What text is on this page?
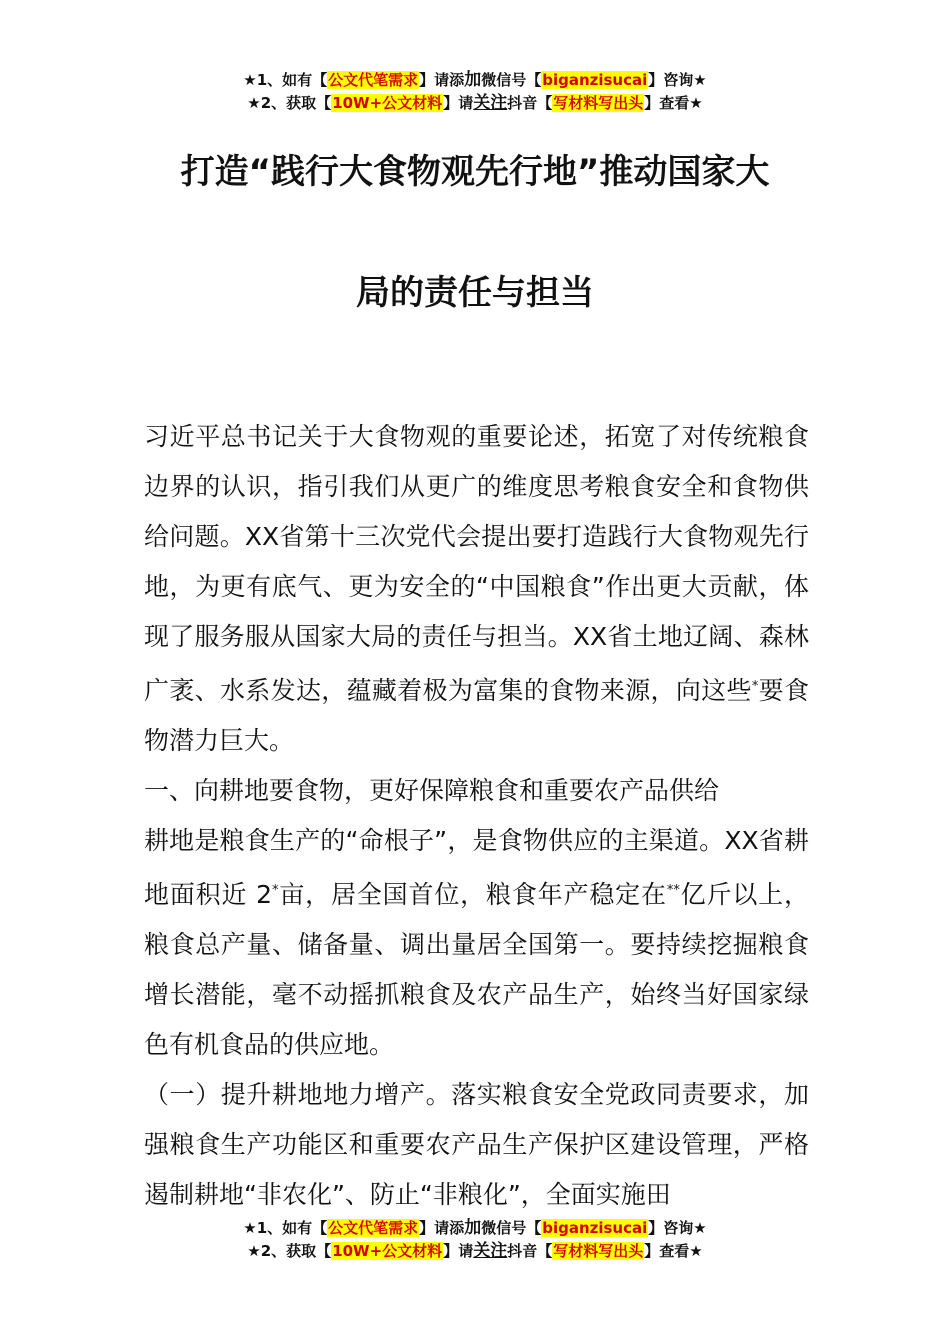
★1、如有【公文代笔需求】请添加微信号【biganzisucai】咨询★
★2、获取【10W+公文材料】请关注抖音【写材料写出头】查看★
打造“践行大食物观先行地”推动国家大
局的责任与担当

习近平总书记关于大食物观的重要论述，拓宽了对传统粮食边界的认识，指引我们从更广的维度思考粮食安全和食物供给问题。XX省第十三次党代会提出要打造践行大食物观先行地，为更有底气、更为安全的“中国粮食”作出更大贡献，体现了服务服从国家大局的责任与担当。XX省土地辽阔、森林广袤、水系发达，蕴藏着极为富集的食物来源，向这些*要食物潜力巨大。

一、向耕地要食物，更好保障粮食和重要农产品供给

耕地是粮食生产的“命根子”，是食物供应的主渠道。XX省耕地面积近 2*亩，居全国首位，粮食年产稳定在**亿斤以上，粮食总产量、储备量、调出量居全国第一。要持续挖掘粮食增长潜能，毫不动摇抓粮食及农产品生产，始终当好国家绿色有机食品的供应地。

（一）提升耕地地力增产。落实粮食安全党政同责要求，加强粮食生产功能区和重要农产品生产保护区建设管理，严格遏制耕地“非农化”、防止“非粮化”，全面实施田

★1、如有【公文代笔需求】请添加微信号【biganzisucai】咨询★
★2、获取【10W+公文材料】请关注抖音【写材料写出头】查看★
